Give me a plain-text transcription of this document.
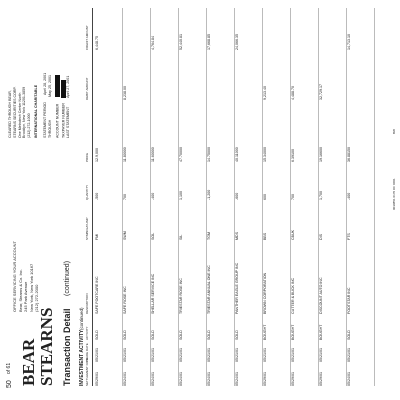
50
of 61 BEAR STEARNS Transaction Detail
(continued)
INVESTMENT ACTIVITY
(continued)
OFFICE SERVICING YOUR ACCOUNT Bear, Stearns & Co. Inc. 245 Park Avenue New York, New York 10167 (212) 272-2000
CLEARED THROUGH BEAR, STEARNS SECURITIES CORP. One Metrotech Center North Brooklyn, New York 11201-3859 (212) 272-1000 INTERNATIONAL CHARITABLE STATEMENT PERIOD April 28, 2001
THROUGH May 25, 2001
ACCOUNT NUMBER TAXPAYER NUMBER LAST STATEMENT April 27, 2001
SETTLEMENT DATE
TRADE DATE
ACTIVITY
DESCRIPTION
SYMBOL/CUSIP
QUANTITY
PRICE
DEBIT AMOUNT
CREDIT AMOUNT
05/29/01
05/21/01
SOLD
SAFE FOOTCARE INC
FMI
-500
12.9,000
6,448.75
05/24/01
05/21/01
SOLD
SAFE ROSE INC
SWM
700
11.80000
8,238.00
05/24/01
05/21/01
SOLD
SHELLAR SERVICE INC
SOL
-400
11.60000
4,764.84
05/24/01
05/21/01
SOLD
TRIESTAR ROSE INC
SIL
1,100
47.70000
52,440.81
05/24/01
05/21/01
SOLD
TRIESTAR ANNUAL ONE INC
TGM
-1,200
14.75000
17,668.85
05/24/01
05/21/01
SOLD
PANTHER EAGLE GROUP INC
MDS
-600
40.11000
24,066.35
05/29/01
05/21/01
BOUGHT
BROWN CORPORATION
BBS
600
15.34000
9,213.40
05/29/01
05/21/01
BOUGHT
CUTTER & BUCK INC
CBUK
700
6.39100
4,488.70
05/29/01
05/21/01
BOUGHT
DISCOUNT AUTO INC
DIS
1,700
19.16600
32,729.17
05/24/01
05/21/01
SOLD
FOOTSTAR INC
FTS
-400
36.88150
14,713.10
0030851 0170 OF 0061
BW
